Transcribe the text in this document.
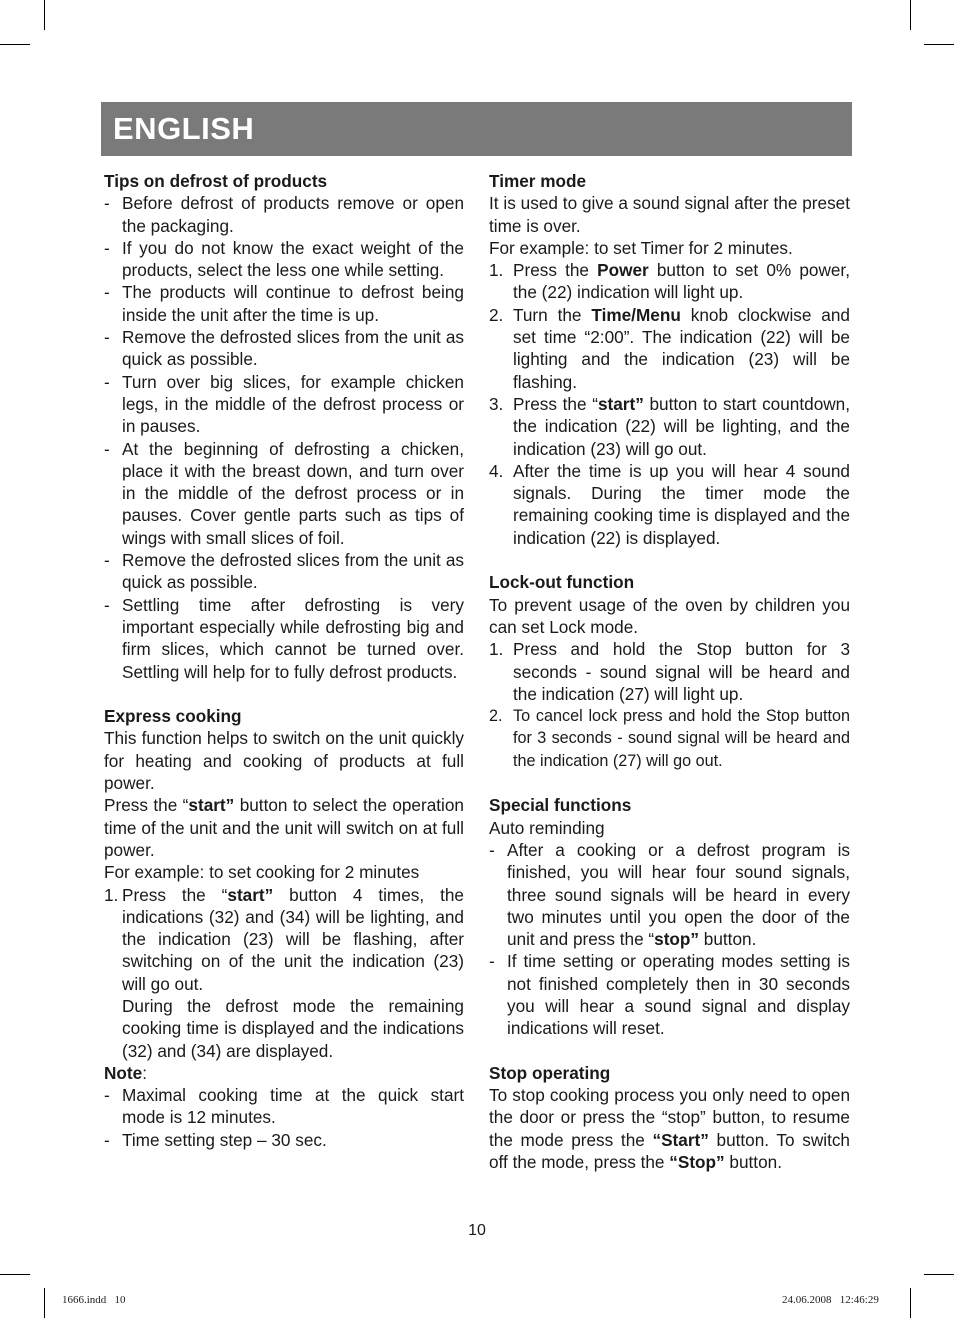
ENGLISH

Tips on defrost of products

- Before defrost of products remove or open the packaging.

- If you do not know the exact weight of the products, select the less one while setting.

- The products will continue to defrost being inside the unit after the time is up.

- Remove the defrosted slices from the unit as quick as possible.

- Turn over big slices, for example chicken legs, in the middle of the defrost process or in pauses.

- At the beginning of defrosting a chicken, place it with the breast down, and turn over in the middle of the defrost process or in pauses. Cover gentle parts such as tips of wings with small slices of foil.

- Remove the defrosted slices from the unit as quick as possible.

- Settling time after defrosting is very important especially while defrosting big and firm slices, which cannot be turned over. Settling will help for to fully defrost products.

Express cooking

This function helps to switch on the unit quickly for heating and cooking of products at full power.

Press the “start” button to select the operation time of the unit and the unit will switch on at full power.

For example: to set cooking for 2 minutes

1. Press the “start” button 4 times, the indications (32) and (34) will be lighting, and the indication (23) will be flashing, after switching on of the unit the indication (23) will go out.

During the defrost mode the remaining cooking time is displayed and the indications (32) and (34) are displayed.

Note:

- Maximal cooking time at the quick start mode is 12 minutes.

- Time setting step – 30 sec.

Timer mode

It is used to give a sound signal after the preset time is over.

For example: to set Timer for 2 minutes.

1. Press the Power button to set 0% power, the (22) indication will light up.

2. Turn the Time/Menu knob clockwise and set time “2:00”. The indication (22) will be lighting and the indication (23) will be flashing.

3. Press the “start” button to start countdown, the indication (22) will be lighting, and the indication (23) will go out.

4. After the time is up you will hear 4 sound signals. During the timer mode the remaining cooking time is displayed and the indication (22) is displayed.

Lock-out function

To prevent usage of the oven by children you can set Lock mode.

1. Press and hold the Stop button for 3 seconds - sound signal will be heard and the indication (27) will light up.

2. To cancel lock press and hold the Stop button for 3 seconds - sound signal will be heard and the indication (27) will go out.

Special functions

Auto reminding

- After a cooking or a defrost program is finished, you will hear four sound signals, three sound signals will be heard in every two minutes until you open the door of the unit and press the “stop” button.

- If time setting or operating modes setting is not finished completely then in 30 seconds you will hear a sound signal and display indications will reset.

Stop operating

To stop cooking process you only need to open the door or press the “stop” button, to resume the mode press the “Start” button. To switch off the mode, press the “Stop” button.

10
1666.indd   10	24.06.2008   12:46:29
